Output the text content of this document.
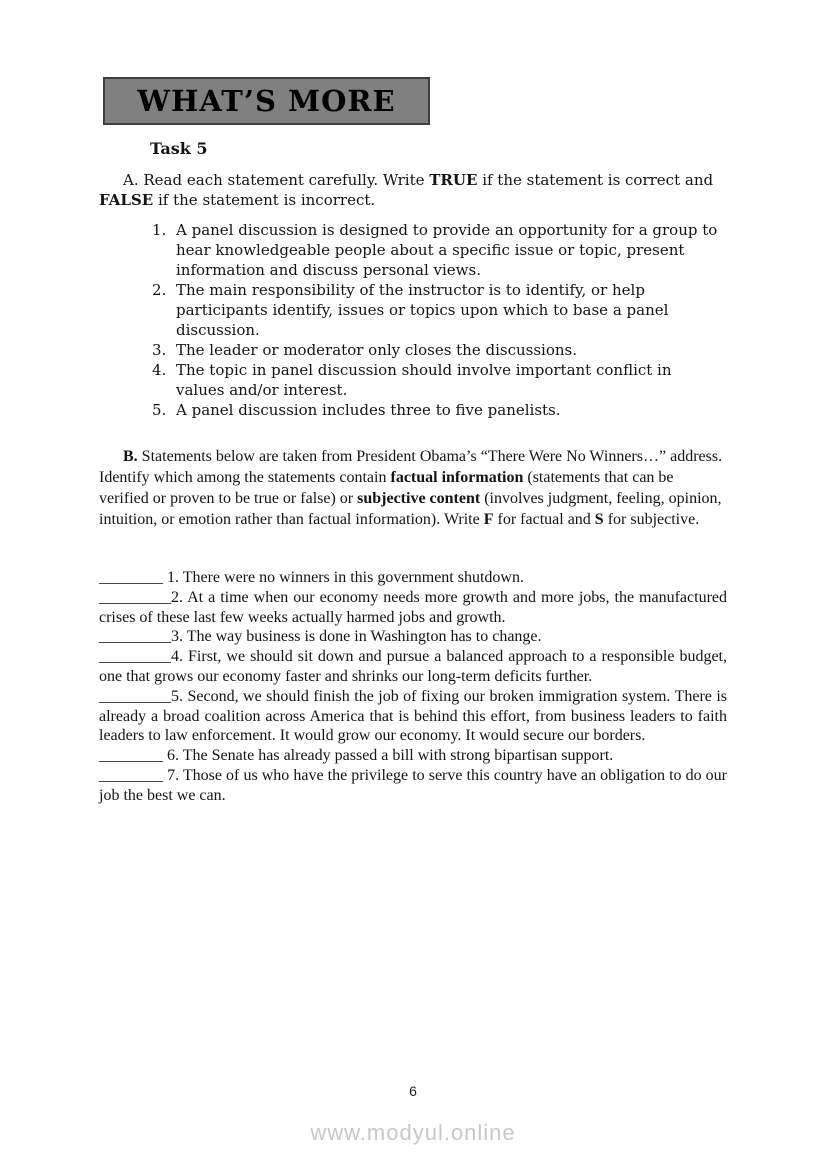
WHAT’S MORE
Task 5

A. Read each statement carefully. Write TRUE if the statement is correct and FALSE if the statement is incorrect.

1. A panel discussion is designed to provide an opportunity for a group to hear knowledgeable people about a specific issue or topic, present information and discuss personal views.
2. The main responsibility of the instructor is to identify, or help participants identify, issues or topics upon which to base a panel discussion.
3. The leader or moderator only closes the discussions.
4. The topic in panel discussion should involve important conflict in values and/or interest.
5. A panel discussion includes three to five panelists.

B. Statements below are taken from President Obama’s “There Were No Winners…” address. Identify which among the statements contain factual information (statements that can be verified or proven to be true or false) or subjective content (involves judgment, feeling, opinion, intuition, or emotion rather than factual information). Write F for factual and S for subjective.

________ 1. There were no winners in this government shutdown.

_________2. At a time when our economy needs more growth and more jobs, the manufactured crises of these last few weeks actually harmed jobs and growth.

_________3. The way business is done in Washington has to change.

_________4. First, we should sit down and pursue a balanced approach to a responsible budget, one that grows our economy faster and shrinks our long-term deficits further.

_________5. Second, we should finish the job of fixing our broken immigration system. There is already a broad coalition across America that is behind this effort, from business leaders to faith leaders to law enforcement. It would grow our economy. It would secure our borders.

________ 6. The Senate has already passed a bill with strong bipartisan support.

________ 7. Those of us who have the privilege to serve this country have an obligation to do our job the best we can.

6
www.modyul.online
